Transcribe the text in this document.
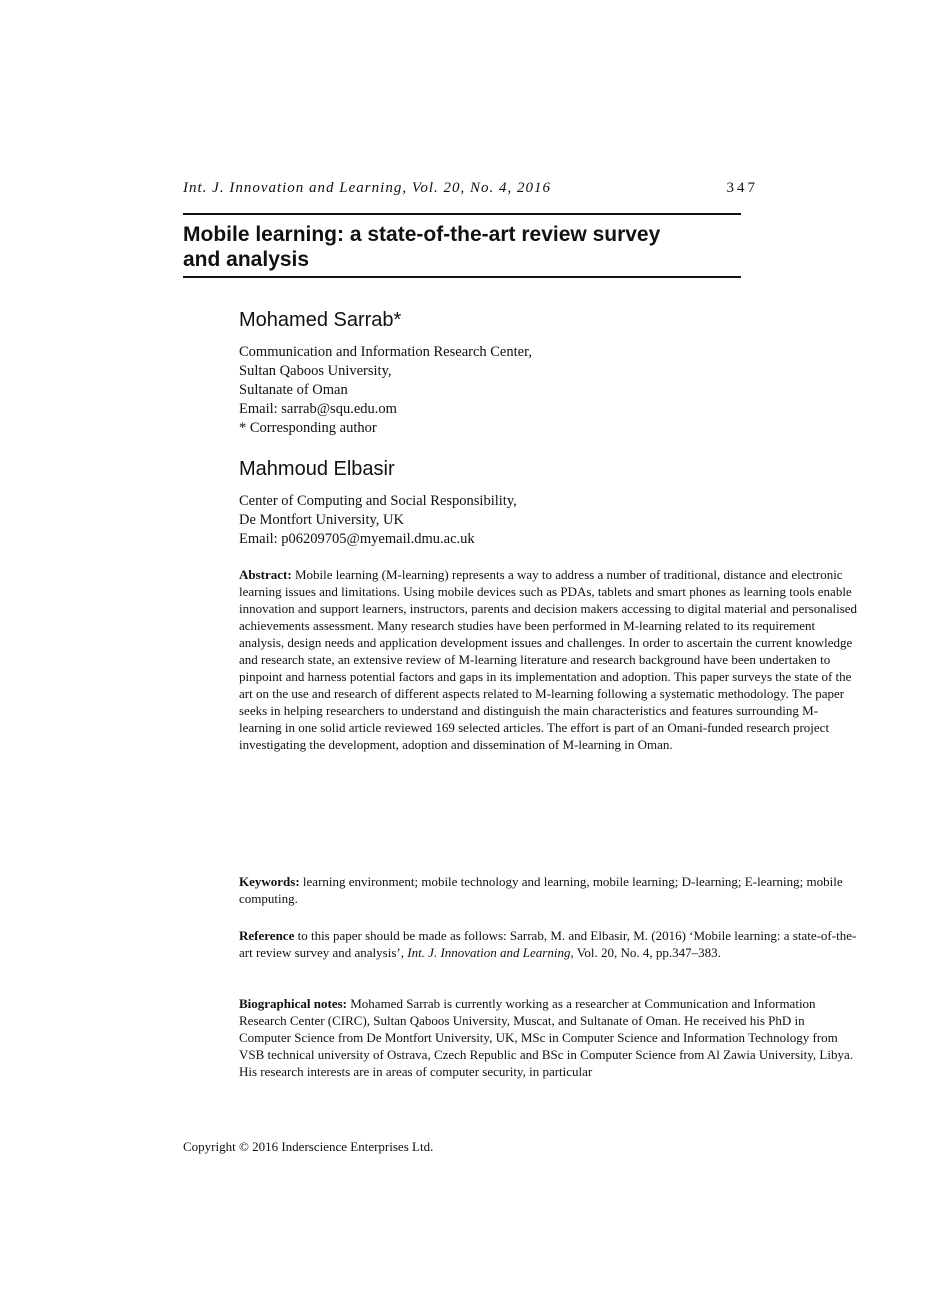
Int. J. Innovation and Learning, Vol. 20, No. 4, 2016	347
Mobile learning: a state-of-the-art review survey
and analysis
Mohamed Sarrab*
Communication and Information Research Center,
Sultan Qaboos University,
Sultanate of Oman
Email: sarrab@squ.edu.om
* Corresponding author
Mahmoud Elbasir
Center of Computing and Social Responsibility,
De Montfort University, UK
Email: p06209705@myemail.dmu.ac.uk
Abstract: Mobile learning (M-learning) represents a way to address a number of traditional, distance and electronic learning issues and limitations. Using mobile devices such as PDAs, tablets and smart phones as learning tools enable innovation and support learners, instructors, parents and decision makers accessing to digital material and personalised achievements assessment. Many research studies have been performed in M-learning related to its requirement analysis, design needs and application development issues and challenges. In order to ascertain the current knowledge and research state, an extensive review of M-learning literature and research background have been undertaken to pinpoint and harness potential factors and gaps in its implementation and adoption. This paper surveys the state of the art on the use and research of different aspects related to M-learning following a systematic methodology. The paper seeks in helping researchers to understand and distinguish the main characteristics and features surrounding M-learning in one solid article reviewed 169 selected articles. The effort is part of an Omani-funded research project investigating the development, adoption and dissemination of M-learning in Oman.
Keywords: learning environment; mobile technology and learning, mobile learning; D-learning; E-learning; mobile computing.
Reference to this paper should be made as follows: Sarrab, M. and Elbasir, M. (2016) ‘Mobile learning: a state-of-the-art review survey and analysis’, Int. J. Innovation and Learning, Vol. 20, No. 4, pp.347–383.
Biographical notes: Mohamed Sarrab is currently working as a researcher at Communication and Information Research Center (CIRC), Sultan Qaboos University, Muscat, and Sultanate of Oman. He received his PhD in Computer Science from De Montfort University, UK, MSc in Computer Science and Information Technology from VSB technical university of Ostrava, Czech Republic and BSc in Computer Science from Al Zawia University, Libya. His research interests are in areas of computer security, in particular
Copyright © 2016 Inderscience Enterprises Ltd.
